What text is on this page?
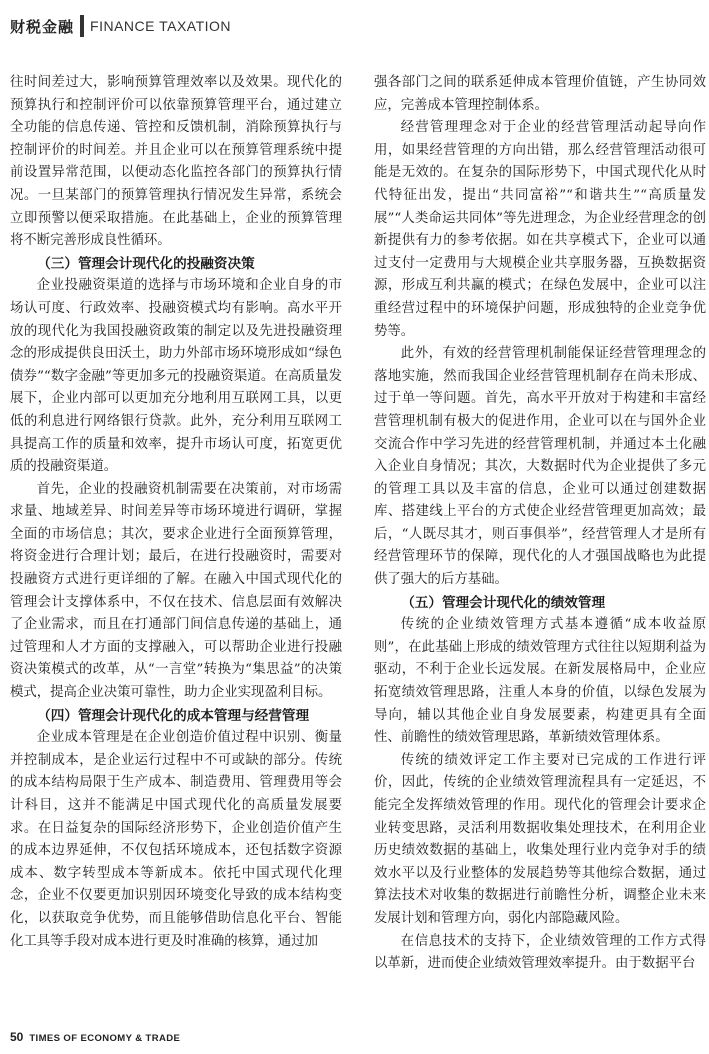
财税金融 FINANCE TAXATION

往时间差过大，影响预算管理效率以及效果。现代化的预算执行和控制评价可以依靠预算管理平台，通过建立全功能的信息传递、管控和反馈机制，消除预算执行与控制评价的时间差。并且企业可以在预算管理系统中提前设置异常范围，以便动态化监控各部门的预算执行情况。一旦某部门的预算管理执行情况发生异常，系统会立即预警以便采取措施。在此基础上，企业的预算管理将不断完善形成良性循环。

（三）管理会计现代化的投融资决策

企业投融资渠道的选择与市场环境和企业自身的市场认可度、行政效率、投融资模式均有影响。高水平开放的现代化为我国投融资政策的制定以及先进投融资理念的形成提供良田沃土，助力外部市场环境形成如“绿色债券”“数字金融”等更加多元的投融资渠道。在高质量发展下，企业内部可以更加充分地利用互联网工具，以更低的利息进行网络银行贷款。此外，充分利用互联网工具提高工作的质量和效率，提升市场认可度，拓宽更优质的投融资渠道。

首先，企业的投融资机制需要在决策前，对市场需求量、地域差异、时间差异等市场环境进行调研，掌握全面的市场信息；其次，要求企业进行全面预算管理，将资金进行合理计划；最后，在进行投融资时，需要对投融资方式进行更详细的了解。在融入中国式现代化的管理会计支撑体系中，不仅在技术、信息层面有效解决了企业需求，而且在打通部门间信息传递的基础上，通过管理和人才方面的支撑融入，可以帮助企业进行投融资决策模式的改革，从“一言堂”转换为“集思益”的决策模式，提高企业决策可靠性，助力企业实现盈利目标。

（四）管理会计现代化的成本管理与经营管理

企业成本管理是在企业创造价值过程中识别、衡量并控制成本，是企业运行过程中不可或缺的部分。传统的成本结构局限于生产成本、制造费用、管理费用等会计科目，这并不能满足中国式现代化的高质量发展要求。在日益复杂的国际经济形势下，企业创造价值产生的成本边界延伸，不仅包括环境成本，还包括数字资源成本、数字转型成本等新成本。依托中国式现代化理念，企业不仅要更加识别因环境变化导致的成本结构变化，以获取竞争优势，而且能够借助信息化平台、智能化工具等手段对成本进行更及时准确的核算，通过加

强各部门之间的联系延伸成本管理价值链，产生协同效应，完善成本管理控制体系。

经营管理理念对于企业的经营管理活动起导向作用，如果经营管理的方向出错，那么经营管理活动很可能是无效的。在复杂的国际形势下，中国式现代化从时代特征出发，提出“共同富裕”“和谐共生”“高质量发展”“人类命运共同体”等先进理念，为企业经营理念的创新提供有力的参考依据。如在共享模式下，企业可以通过支付一定费用与大规模企业共享服务器，互换数据资源，形成互利共赢的模式；在绿色发展中，企业可以注重经营过程中的环境保护问题，形成独特的企业竞争优势等。

此外，有效的经营管理机制能保证经营管理理念的落地实施，然而我国企业经营管理机制存在尚未形成、过于单一等问题。首先，高水平开放对于构建和丰富经营管理机制有极大的促进作用，企业可以在与国外企业交流合作中学习先进的经营管理机制，并通过本土化融入企业自身情况；其次，大数据时代为企业提供了多元的管理工具以及丰富的信息，企业可以通过创建数据库、搭建线上平台的方式使企业经营管理更加高效；最后，“人既尽其才，则百事俱举”，经营管理人才是所有经营管理环节的保障，现代化的人才强国战略也为此提供了强大的后方基础。

（五）管理会计现代化的绩效管理

传统的企业绩效管理方式基本遵循“成本收益原则”，在此基础上形成的绩效管理方式往往以短期利益为驱动，不利于企业长远发展。在新发展格局中，企业应拓宽绩效管理思路，注重人本身的价值，以绿色发展为导向，辅以其他企业自身发展要素，构建更具有全面性、前瞻性的绩效管理思路，革新绩效管理体系。

传统的绩效评定工作主要对已完成的工作进行评价，因此，传统的企业绩效管理流程具有一定延迟，不能完全发挥绩效管理的作用。现代化的管理会计要求企业转变思路，灵活利用数据收集处理技术，在利用企业历史绩效数据的基础上，收集处理行业内竞争对手的绩效水平以及行业整体的发展趋势等其他综合数据，通过算法技术对收集的数据进行前瞻性分析，调整企业未来发展计划和管理方向，弱化内部隐藏风险。

在信息技术的支持下，企业绩效管理的工作方式得以革新，进而使企业绩效管理效率提升。由于数据平台

50 TIMES OF ECONOMY & TRADE
